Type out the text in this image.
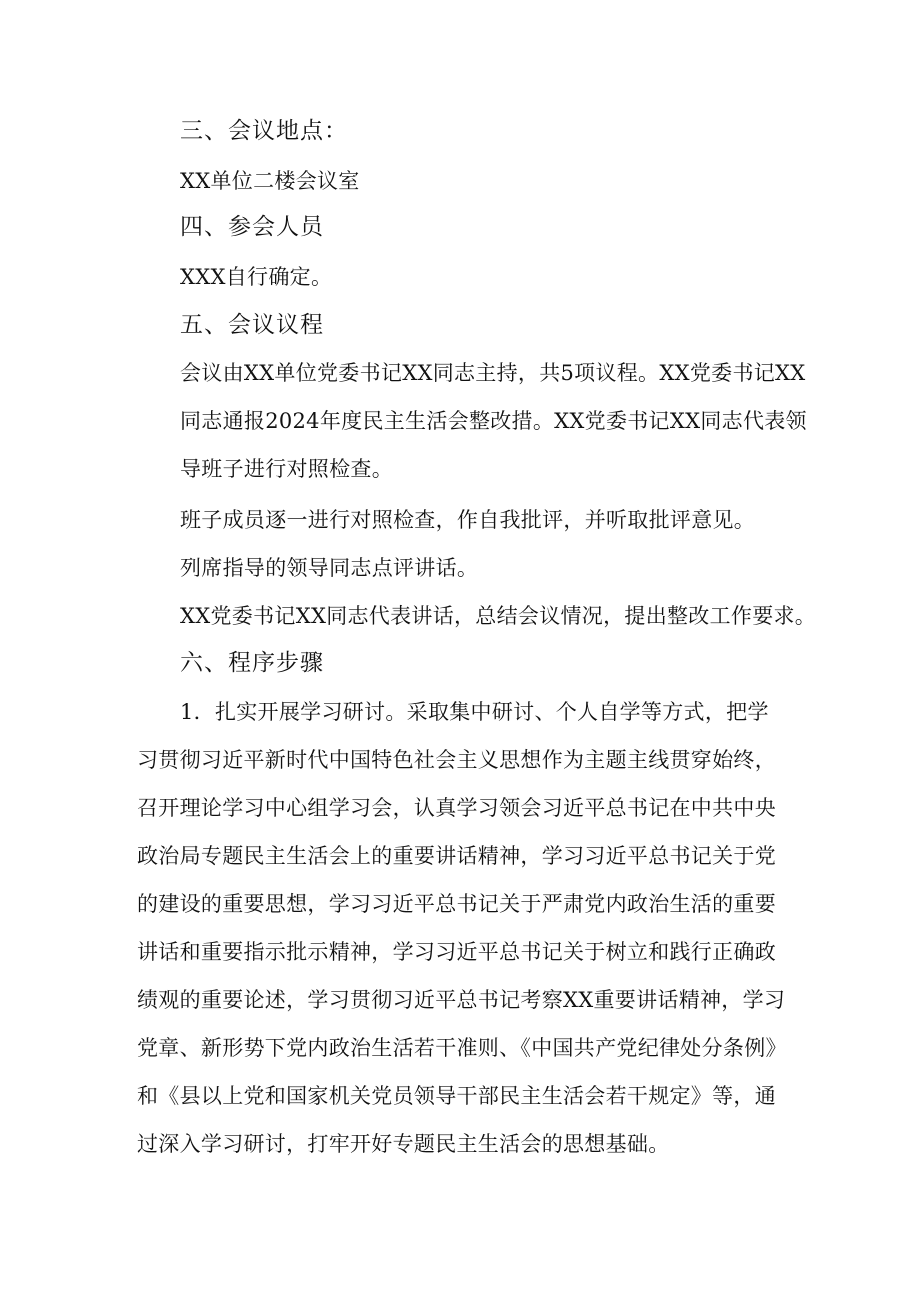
三、会议地点：
XX单位二楼会议室
四、参会人员
XXX自行确定。
五、会议议程
会议由XX单位党委书记XX同志主持，共5项议程。XX党委书记XX
同志通报2024年度民主生活会整改措。XX党委书记XX同志代表领
导班子进行对照检查。
班子成员逐一进行对照检查，作自我批评，并听取批评意见。
列席指导的领导同志点评讲话。
XX党委书记XX同志代表讲话，总结会议情况，提出整改工作要求。
六、程序步骤
1．扎实开展学习研讨。采取集中研讨、个人自学等方式，把学
习贯彻习近平新时代中国特色社会主义思想作为主题主线贯穿始终，
召开理论学习中心组学习会，认真学习领会习近平总书记在中共中央
政治局专题民主生活会上的重要讲话精神，学习习近平总书记关于党
的建设的重要思想，学习习近平总书记关于严肃党内政治生活的重要
讲话和重要指示批示精神，学习习近平总书记关于树立和践行正确政
绩观的重要论述，学习贯彻习近平总书记考察XX重要讲话精神，学习
党章、新形势下党内政治生活若干准则、《中国共产党纪律处分条例》
和《县以上党和国家机关党员领导干部民主生活会若干规定》等，通
过深入学习研讨，打牢开好专题民主生活会的思想基础。
